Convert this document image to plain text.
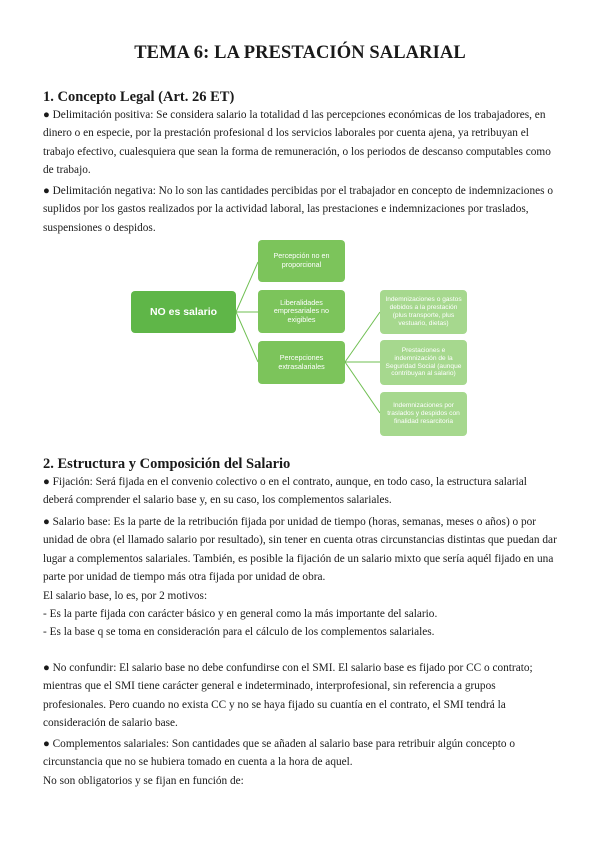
TEMA 6: LA PRESTACIÓN SALARIAL
1. Concepto Legal (Art. 26 ET)

● Delimitación positiva: Se considera salario la totalidad d las percepciones económicas de los trabajadores, en dinero o en especie, por la prestación profesional d los servicios laborales por cuenta ajena, ya retribuyan el trabajo efectivo, cualesquiera que sean la forma de remuneración, o los periodos de descanso computables como de trabajo.

● Delimitación negativa: No lo son las cantidades percibidas por el trabajador en concepto de indemnizaciones o suplidos por los gastos realizados por la actividad laboral, las prestaciones e indemnizaciones por traslados, suspensiones o despidos.

NO es salario
Percepción no en proporcional
Liberalidades empresariales no exigibles
Percepciones extrasalariales
Indemnizaciones o gastos debidos a la prestación (plus transporte, plus vestuario, dietas)
Prestaciones e indemnización de la Seguridad Social (aunque contribuyan al salario)
Indemnizaciones por traslados y despidos con finalidad resarcitoria
2. Estructura y Composición del Salario

● Fijación: Será fijada en el convenio colectivo o en el contrato, aunque, en todo caso, la estructura salarial deberá comprender el salario base y, en su caso, los complementos salariales.

● Salario base: Es la parte de la retribución fijada por unidad de tiempo (horas, semanas, meses o años) o por unidad de obra (el llamado salario por resultado), sin tener en cuenta otras circunstancias distintas que puedan dar lugar a complementos salariales. También, es posible la fijación de un salario mixto que sería aquél fijado en una parte por unidad de tiempo más otra fijada por unidad de obra.

El salario base, lo es, por 2 motivos:

- Es la parte fijada con carácter básico y en general como la más importante del salario.

- Es la base q se toma en consideración para el cálculo de los complementos salariales.

● No confundir: El salario base no debe confundirse con el SMI. El salario base es fijado por CC o contrato; mientras que el SMI tiene carácter general e indeterminado, interprofesional, sin referencia a grupos profesionales. Pero cuando no exista CC y no se haya fijado su cuantía en el contrato, el SMI tendrá la consideración de salario base.

● Complementos salariales: Son cantidades que se añaden al salario base para retribuir algún concepto o circunstancia que no se hubiera tomado en cuenta a la hora de aquel.

No son obligatorios y se fijan en función de:
